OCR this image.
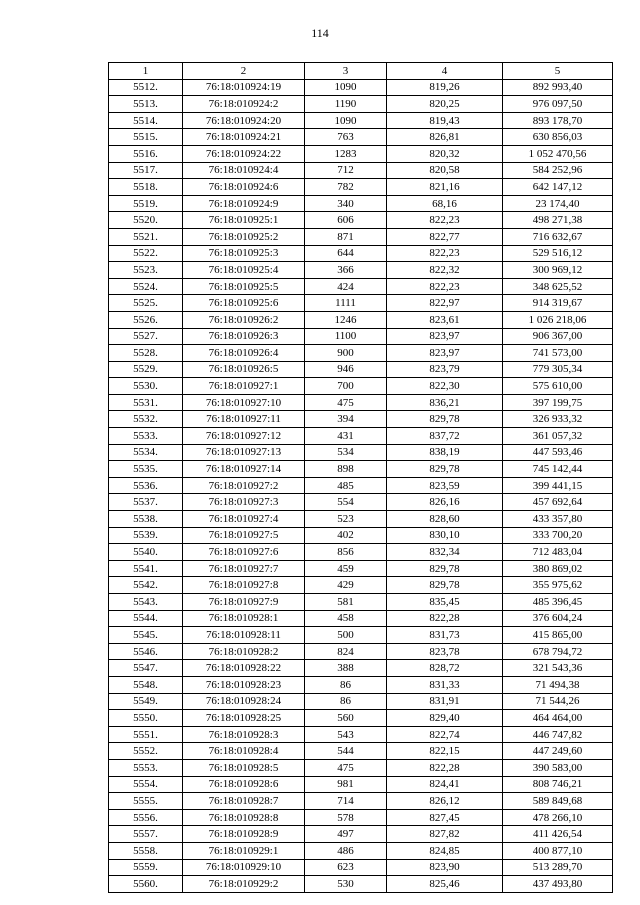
114
1	2	3	4	5
5512.	76:18:010924:19	1090	819,26	892 993,40
5513.	76:18:010924:2	1190	820,25	976 097,50
5514.	76:18:010924:20	1090	819,43	893 178,70
5515.	76:18:010924:21	763	826,81	630 856,03
5516.	76:18:010924:22	1283	820,32	1 052 470,56
5517.	76:18:010924:4	712	820,58	584 252,96
5518.	76:18:010924:6	782	821,16	642 147,12
5519.	76:18:010924:9	340	68,16	23 174,40
5520.	76:18:010925:1	606	822,23	498 271,38
5521.	76:18:010925:2	871	822,77	716 632,67
5522.	76:18:010925:3	644	822,23	529 516,12
5523.	76:18:010925:4	366	822,32	300 969,12
5524.	76:18:010925:5	424	822,23	348 625,52
5525.	76:18:010925:6	1111	822,97	914 319,67
5526.	76:18:010926:2	1246	823,61	1 026 218,06
5527.	76:18:010926:3	1100	823,97	906 367,00
5528.	76:18:010926:4	900	823,97	741 573,00
5529.	76:18:010926:5	946	823,79	779 305,34
5530.	76:18:010927:1	700	822,30	575 610,00
5531.	76:18:010927:10	475	836,21	397 199,75
5532.	76:18:010927:11	394	829,78	326 933,32
5533.	76:18:010927:12	431	837,72	361 057,32
5534.	76:18:010927:13	534	838,19	447 593,46
5535.	76:18:010927:14	898	829,78	745 142,44
5536.	76:18:010927:2	485	823,59	399 441,15
5537.	76:18:010927:3	554	826,16	457 692,64
5538.	76:18:010927:4	523	828,60	433 357,80
5539.	76:18:010927:5	402	830,10	333 700,20
5540.	76:18:010927:6	856	832,34	712 483,04
5541.	76:18:010927:7	459	829,78	380 869,02
5542.	76:18:010927:8	429	829,78	355 975,62
5543.	76:18:010927:9	581	835,45	485 396,45
5544.	76:18:010928:1	458	822,28	376 604,24
5545.	76:18:010928:11	500	831,73	415 865,00
5546.	76:18:010928:2	824	823,78	678 794,72
5547.	76:18:010928:22	388	828,72	321 543,36
5548.	76:18:010928:23	86	831,33	71 494,38
5549.	76:18:010928:24	86	831,91	71 544,26
5550.	76:18:010928:25	560	829,40	464 464,00
5551.	76:18:010928:3	543	822,74	446 747,82
5552.	76:18:010928:4	544	822,15	447 249,60
5553.	76:18:010928:5	475	822,28	390 583,00
5554.	76:18:010928:6	981	824,41	808 746,21
5555.	76:18:010928:7	714	826,12	589 849,68
5556.	76:18:010928:8	578	827,45	478 266,10
5557.	76:18:010928:9	497	827,82	411 426,54
5558.	76:18:010929:1	486	824,85	400 877,10
5559.	76:18:010929:10	623	823,90	513 289,70
5560.	76:18:010929:2	530	825,46	437 493,80
